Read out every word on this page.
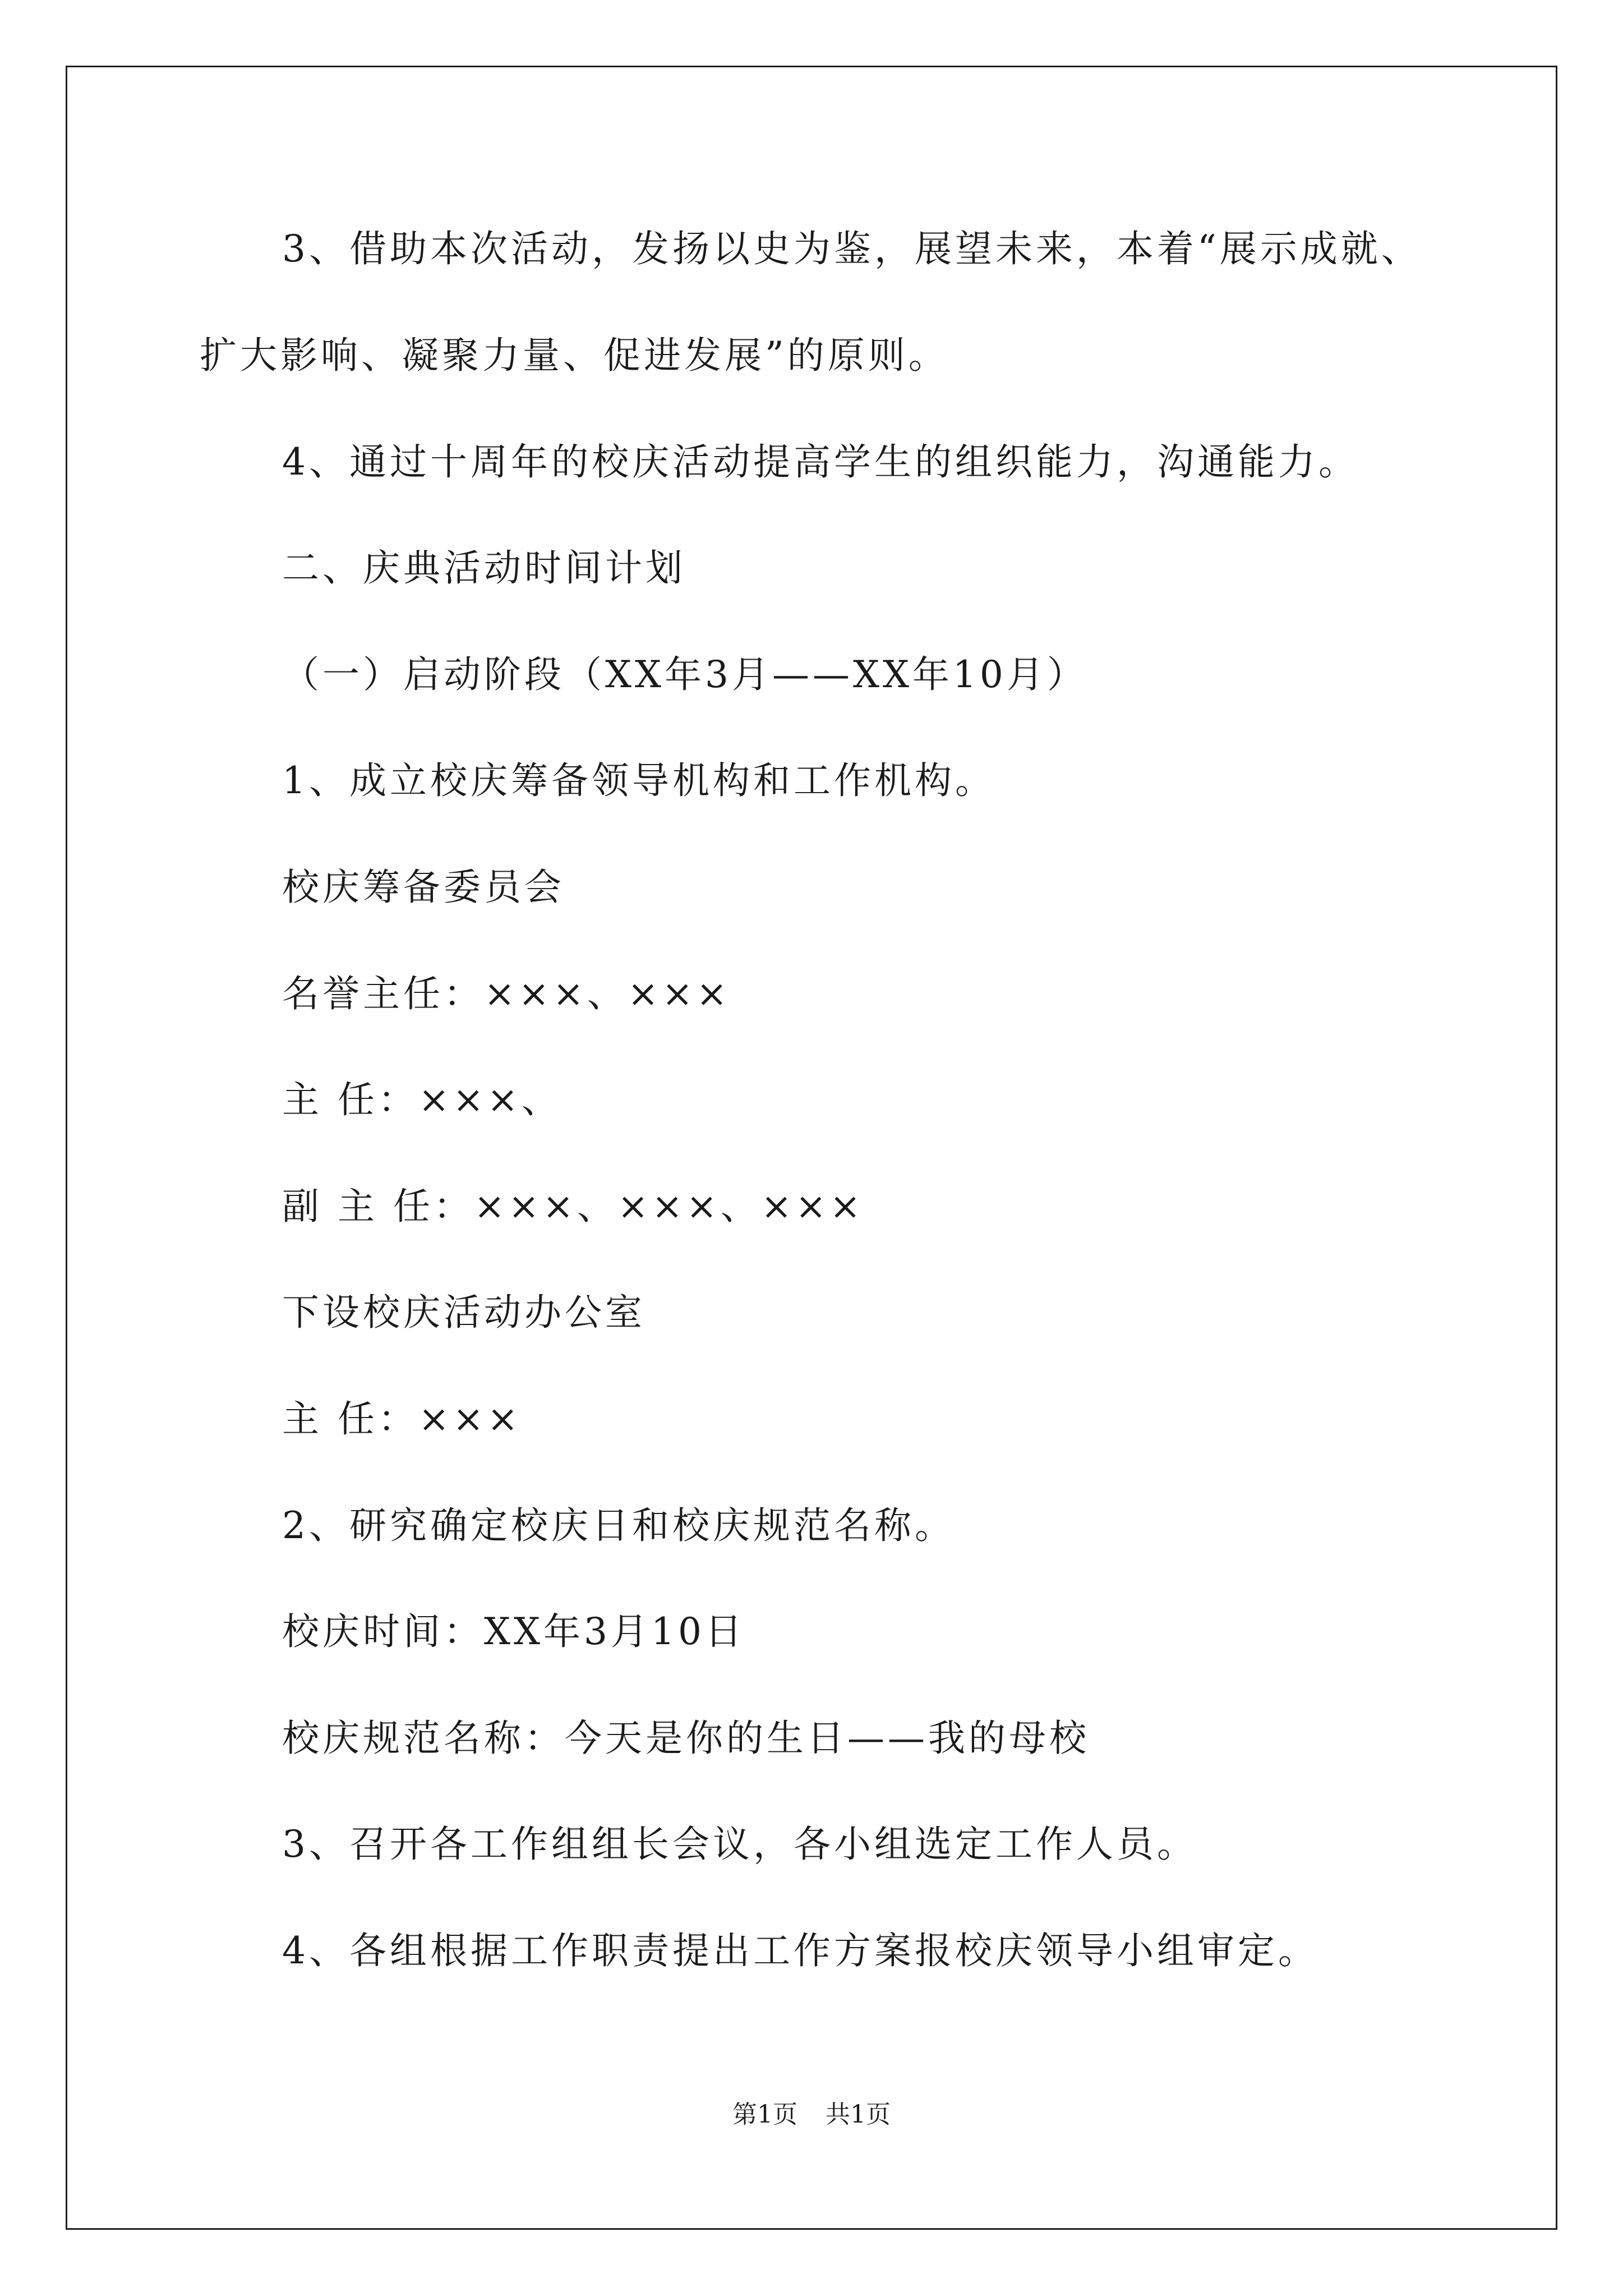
3、借助本次活动，发扬以史为鉴，展望未来，本着“展示成就、
扩大影响、凝聚力量、促进发展”的原则。
4、通过十周年的校庆活动提高学生的组织能力，沟通能力。
二、庆典活动时间计划
（一）启动阶段（XX年3月——XX年10月）
1、成立校庆筹备领导机构和工作机构。
校庆筹备委员会
名誉主任：×××、×××
主 任：×××、
副 主 任：×××、×××、×××
下设校庆活动办公室
主 任：×××
2、研究确定校庆日和校庆规范名称。
校庆时间：XX年3月10日
校庆规范名称：今天是你的生日——我的母校
3、召开各工作组组长会议，各小组选定工作人员。
4、各组根据工作职责提出工作方案报校庆领导小组审定。
第1页 共1页
